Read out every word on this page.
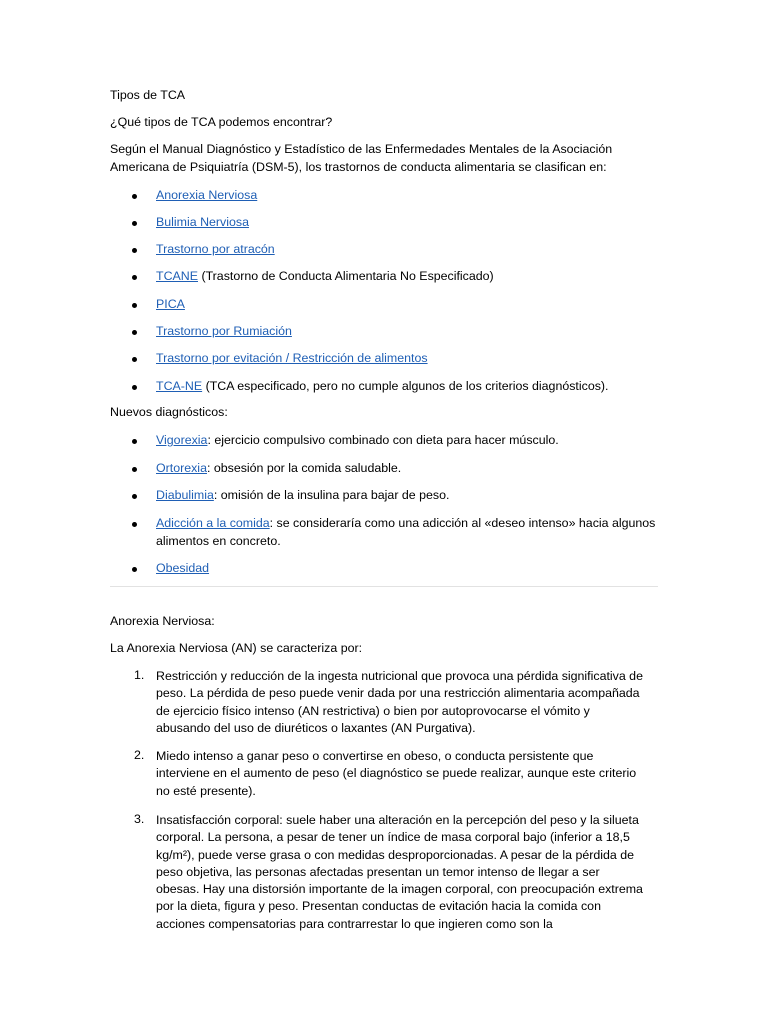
Tipos de TCA
¿Qué tipos de TCA podemos encontrar?
Según el Manual Diagnóstico y Estadístico de las Enfermedades Mentales de la Asociación Americana de Psiquiatría (DSM-5), los trastornos de conducta alimentaria se clasifican en:
Anorexia Nerviosa
Bulimia Nerviosa
Trastorno por atracón
TCANE (Trastorno de Conducta Alimentaria No Especificado)
PICA
Trastorno por Rumiación
Trastorno por evitación / Restricción de alimentos
TCA-NE (TCA especificado, pero no cumple algunos de los criterios diagnósticos).
Nuevos diagnósticos:
Vigorexia: ejercicio compulsivo combinado con dieta para hacer músculo.
Ortorexia: obsesión por la comida saludable.
Diabulimia: omisión de la insulina para bajar de peso.
Adicción a la comida: se consideraría como una adicción al «deseo intenso» hacia algunos alimentos en concreto.
Obesidad
Anorexia Nerviosa:
La Anorexia Nerviosa (AN) se caracteriza por:
1. Restricción y reducción de la ingesta nutricional que provoca una pérdida significativa de peso. La pérdida de peso puede venir dada por una restricción alimentaria acompañada de ejercicio físico intenso (AN restrictiva) o bien por autoprovocarse el vómito y abusando del uso de diuréticos o laxantes (AN Purgativa).
2. Miedo intenso a ganar peso o convertirse en obeso, o conducta persistente que interviene en el aumento de peso (el diagnóstico se puede realizar, aunque este criterio no esté presente).
3. Insatisfacción corporal: suele haber una alteración en la percepción del peso y la silueta corporal. La persona, a pesar de tener un índice de masa corporal bajo (inferior a 18,5 kg/m²), puede verse grasa o con medidas desproporcionadas. A pesar de la pérdida de peso objetiva, las personas afectadas presentan un temor intenso de llegar a ser obesas. Hay una distorsión importante de la imagen corporal, con preocupación extrema por la dieta, figura y peso. Presentan conductas de evitación hacia la comida con acciones compensatorias para contrarrestar lo que ingieren como son la
